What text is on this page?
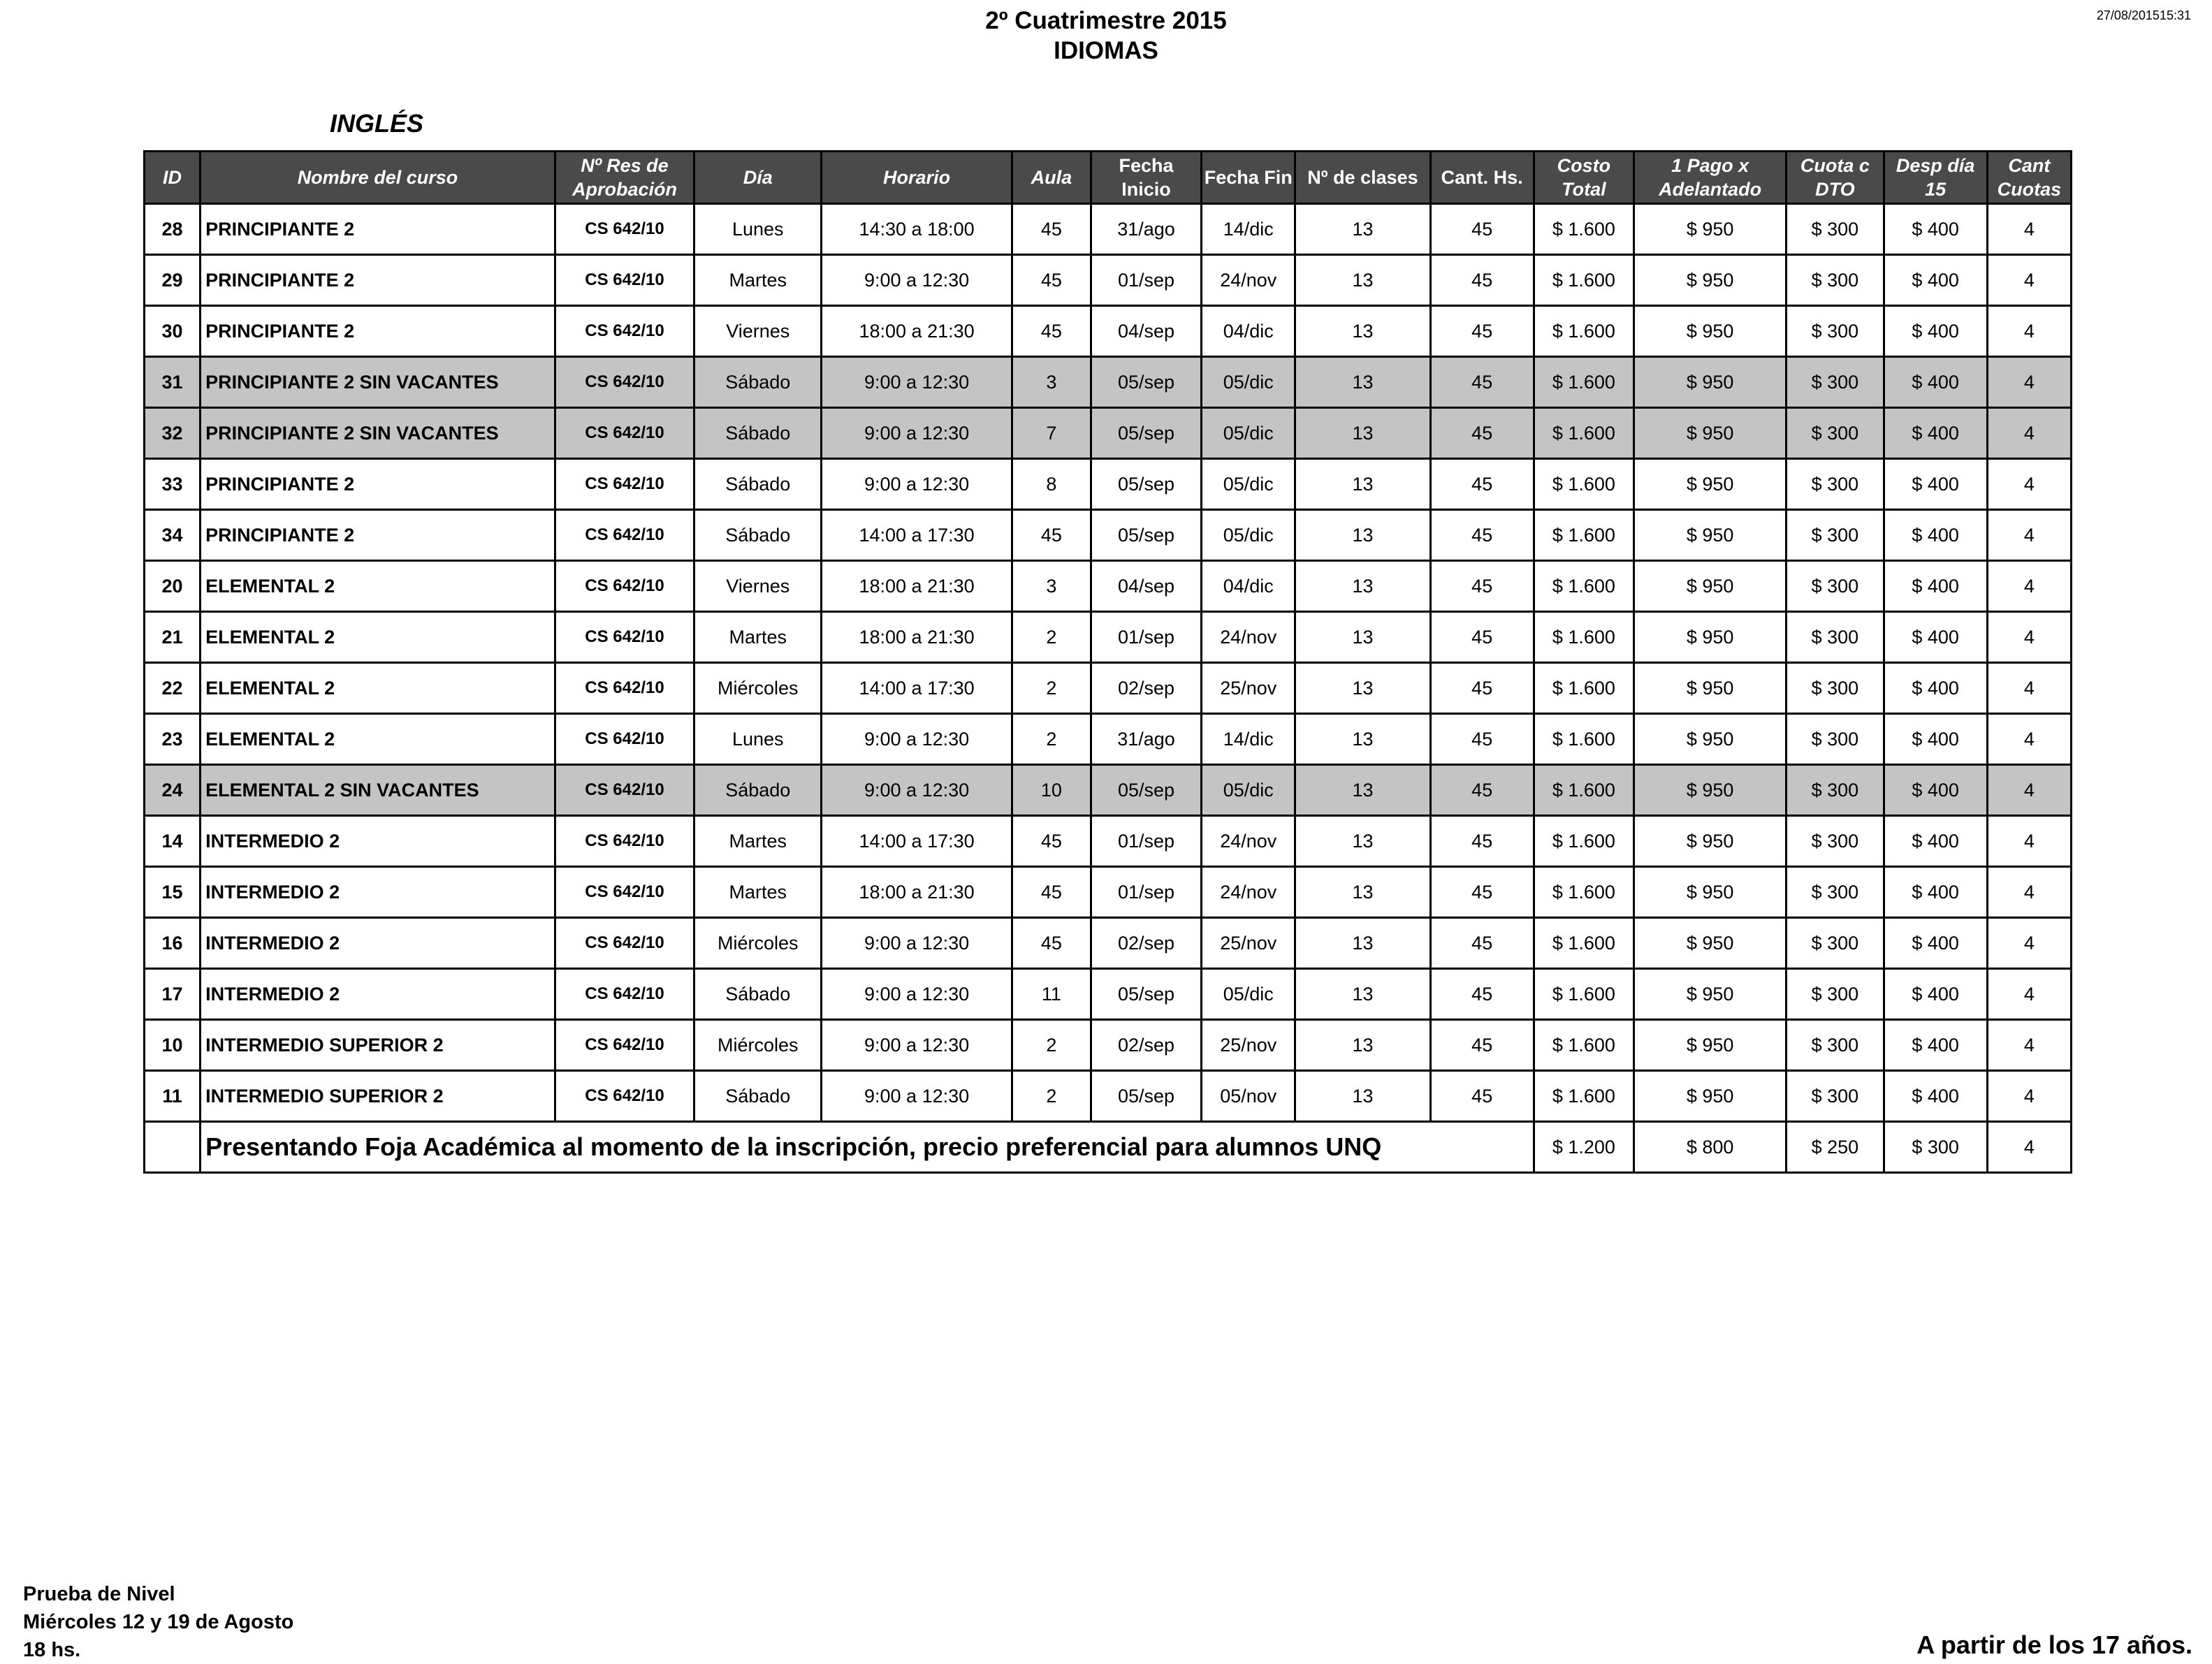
2º Cuatrimestre 2015
IDIOMAS
27/08/201515:31
INGLÉS
ID	Nombre del curso	Nº Res de Aprobación	Día	Horario	Aula	Fecha Inicio	Fecha Fin	Nº de clases	Cant. Hs.	Costo Total	1 Pago x Adelantado	Cuota c DTO	Desp día 15	Cant Cuotas
28	PRINCIPIANTE 2	CS 642/10	Lunes	14:30 a 18:00	45	31/ago	14/dic	13	45	$ 1.600	$ 950	$ 300	$ 400	4
29	PRINCIPIANTE 2	CS 642/10	Martes	9:00 a 12:30	45	01/sep	24/nov	13	45	$ 1.600	$ 950	$ 300	$ 400	4
30	PRINCIPIANTE 2	CS 642/10	Viernes	18:00 a 21:30	45	04/sep	04/dic	13	45	$ 1.600	$ 950	$ 300	$ 400	4
31	PRINCIPIANTE 2 SIN VACANTES	CS 642/10	Sábado	9:00 a 12:30	3	05/sep	05/dic	13	45	$ 1.600	$ 950	$ 300	$ 400	4
32	PRINCIPIANTE 2 SIN VACANTES	CS 642/10	Sábado	9:00 a 12:30	7	05/sep	05/dic	13	45	$ 1.600	$ 950	$ 300	$ 400	4
33	PRINCIPIANTE 2	CS 642/10	Sábado	9:00 a 12:30	8	05/sep	05/dic	13	45	$ 1.600	$ 950	$ 300	$ 400	4
34	PRINCIPIANTE 2	CS 642/10	Sábado	14:00 a 17:30	45	05/sep	05/dic	13	45	$ 1.600	$ 950	$ 300	$ 400	4
20	ELEMENTAL 2	CS 642/10	Viernes	18:00 a 21:30	3	04/sep	04/dic	13	45	$ 1.600	$ 950	$ 300	$ 400	4
21	ELEMENTAL 2	CS 642/10	Martes	18:00 a 21:30	2	01/sep	24/nov	13	45	$ 1.600	$ 950	$ 300	$ 400	4
22	ELEMENTAL 2	CS 642/10	Miércoles	14:00 a 17:30	2	02/sep	25/nov	13	45	$ 1.600	$ 950	$ 300	$ 400	4
23	ELEMENTAL 2	CS 642/10	Lunes	9:00 a 12:30	2	31/ago	14/dic	13	45	$ 1.600	$ 950	$ 300	$ 400	4
24	ELEMENTAL 2 SIN VACANTES	CS 642/10	Sábado	9:00 a 12:30	10	05/sep	05/dic	13	45	$ 1.600	$ 950	$ 300	$ 400	4
14	INTERMEDIO 2	CS 642/10	Martes	14:00 a 17:30	45	01/sep	24/nov	13	45	$ 1.600	$ 950	$ 300	$ 400	4
15	INTERMEDIO 2	CS 642/10	Martes	18:00 a 21:30	45	01/sep	24/nov	13	45	$ 1.600	$ 950	$ 300	$ 400	4
16	INTERMEDIO 2	CS 642/10	Miércoles	9:00 a 12:30	45	02/sep	25/nov	13	45	$ 1.600	$ 950	$ 300	$ 400	4
17	INTERMEDIO 2	CS 642/10	Sábado	9:00 a 12:30	11	05/sep	05/dic	13	45	$ 1.600	$ 950	$ 300	$ 400	4
10	INTERMEDIO SUPERIOR 2	CS 642/10	Miércoles	9:00 a 12:30	2	02/sep	25/nov	13	45	$ 1.600	$ 950	$ 300	$ 400	4
11	INTERMEDIO SUPERIOR 2	CS 642/10	Sábado	9:00 a 12:30	2	05/sep	05/nov	13	45	$ 1.600	$ 950	$ 300	$ 400	4
	Presentando Foja Académica al momento de la inscripción, precio preferencial para alumnos UNQ									$ 1.200	$ 800	$ 250	$ 300	4
Prueba de Nivel
Miércoles 12 y 19 de Agosto
18 hs.	A partir de los 17 años.
